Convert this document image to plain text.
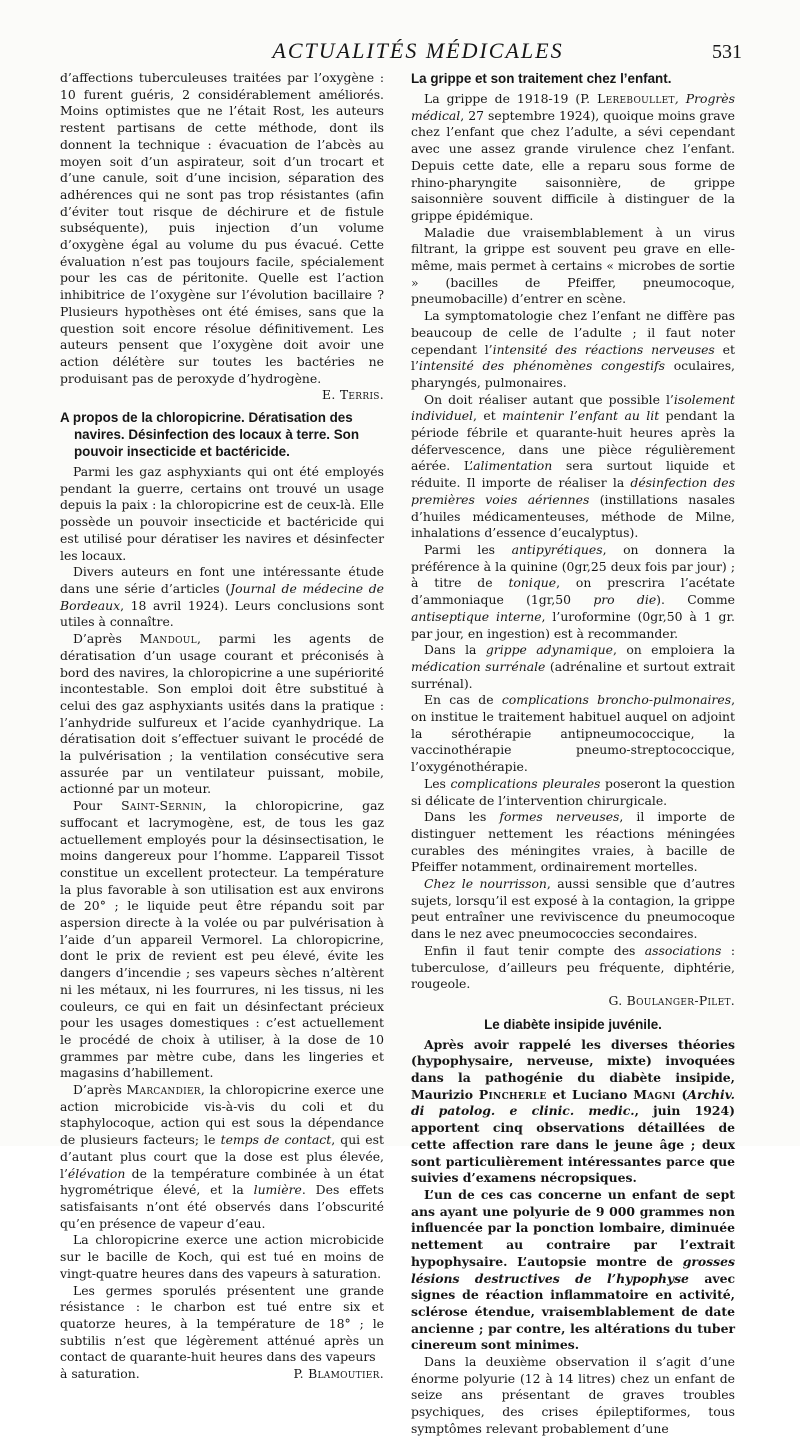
ACTUALITÉS MÉDICALES	531

d’affections tuberculeuses traitées par l’oxygène : 10 furent guéris, 2 considérablement améliorés. Moins optimistes que ne l’était Rost, les auteurs restent partisans de cette méthode, dont ils donnent la technique : évacuation de l’abcès au moyen soit d’un aspirateur, soit d’un trocart et d’une canule, soit d’une incision, séparation des adhérences qui ne sont pas trop résistantes (afin d’éviter tout risque de déchirure et de fistule subséquente), puis injection d’un volume d’oxygène égal au volume du pus évacué. Cette évaluation n’est pas toujours facile, spécialement pour les cas de péritonite. Quelle est l’action inhibitrice de l’oxygène sur l’évolution bacillaire ? Plusieurs hypothèses ont été émises, sans que la question soit encore résolue définitivement. Les auteurs pensent que l’oxygène doit avoir une action délétère sur toutes les bactéries ne produisant pas de peroxyde d’hydrogène.

E. Terris.

A propos de la chloropicrine. Dératisation des navires. Désinfection des locaux à terre. Son pouvoir insecticide et bactéricide.

Parmi les gaz asphyxiants qui ont été employés pendant la guerre, certains ont trouvé un usage depuis la paix : la chloropicrine est de ceux-là. Elle possède un pouvoir insecticide et bactéricide qui est utilisé pour dératiser les navires et désinfecter les locaux.

Divers auteurs en font une intéressante étude dans une série d’articles (Journal de médecine de Bordeaux, 18 avril 1924). Leurs conclusions sont utiles à connaître.

D’après Mandoul, parmi les agents de dératisation d’un usage courant et préconisés à bord des navires, la chloropicrine a une supériorité incontestable. Son emploi doit être substitué à celui des gaz asphyxiants usités dans la pratique : l’anhydride sulfureux et l’acide cyanhydrique. La dératisation doit s’effectuer suivant le procédé de la pulvérisation ; la ventilation consécutive sera assurée par un ventilateur puissant, mobile, actionné par un moteur.

Pour Saint-Sernin, la chloropicrine, gaz suffocant et lacrymogène, est, de tous les gaz actuellement employés pour la désinsectisation, le moins dangereux pour l’homme. L’appareil Tissot constitue un excellent protecteur. La température la plus favorable à son utilisation est aux environs de 20° ; le liquide peut être répandu soit par aspersion directe à la volée ou par pulvérisation à l’aide d’un appareil Vermorel. La chloropicrine, dont le prix de revient est peu élevé, évite les dangers d’incendie ; ses vapeurs sèches n’altèrent ni les métaux, ni les fourrures, ni les tissus, ni les couleurs, ce qui en fait un désinfectant précieux pour les usages domestiques : c’est actuellement le procédé de choix à utiliser, à la dose de 10 grammes par mètre cube, dans les lingeries et magasins d’habillement.

D’après Marcandier, la chloropicrine exerce une action microbicide vis-à-vis du coli et du staphylocoque, action qui est sous la dépendance de plusieurs facteurs; le temps de contact, qui est d’autant plus court que la dose est plus élevée, l’élévation de la température combinée à un état hygrométrique élevé, et la lumière. Des effets satisfaisants n’ont été observés dans l’obscurité qu’en présence de vapeur d’eau.

La chloropicrine exerce une action microbicide sur le bacille de Koch, qui est tué en moins de vingt-quatre heures dans des vapeurs à saturation.

Les germes sporulés présentent une grande résistance : le charbon est tué entre six et quatorze heures, à la température de 18° ; le subtilis n’est que légèrement atténué après un contact de quarante-huit heures dans des vapeurs

à saturation.	P. Blamoutier.
La grippe et son traitement chez l’enfant.

La grippe de 1918-19 (P. Lereboullet, Progrès médical, 27 septembre 1924), quoique moins grave chez l’enfant que chez l’adulte, a sévi cependant avec une assez grande virulence chez l’enfant. Depuis cette date, elle a reparu sous forme de rhino-pharyngite saisonnière, de grippe saisonnière souvent difficile à distinguer de la grippe épidémique.

Maladie due vraisemblablement à un virus filtrant, la grippe est souvent peu grave en elle-même, mais permet à certains « microbes de sortie » (bacilles de Pfeiffer, pneumocoque, pneumobacille) d’entrer en scène.

La symptomatologie chez l’enfant ne diffère pas beaucoup de celle de l’adulte ; il faut noter cependant l’intensité des réactions nerveuses et l’intensité des phénomènes congestifs oculaires, pharyngés, pulmonaires.

On doit réaliser autant que possible l’isolement individuel, et maintenir l’enfant au lit pendant la période fébrile et quarante-huit heures après la défervescence, dans une pièce régulièrement aérée. L’alimentation sera surtout liquide et réduite. Il importe de réaliser la désinfection des premières voies aériennes (instillations nasales d’huiles médicamenteuses, méthode de Milne, inhalations d’essence d’eucalyptus).

Parmi les antipyrétiques, on donnera la préférence à la quinine (0gr,25 deux fois par jour) ; à titre de tonique, on prescrira l’acétate d’ammoniaque (1gr,50 pro die). Comme antiseptique interne, l’uroformine (0gr,50 à 1 gr. par jour, en ingestion) est à recommander.

Dans la grippe adynamique, on emploiera la médication surrénale (adrénaline et surtout extrait surrénal).

En cas de complications broncho-pulmonaires, on institue le traitement habituel auquel on adjoint la sérothérapie antipneumococcique, la vaccinothérapie pneumo-streptococcique, l’oxygénothérapie.

Les complications pleurales poseront la question si délicate de l’intervention chirurgicale.

Dans les formes nerveuses, il importe de distinguer nettement les réactions méningées curables des méningites vraies, à bacille de Pfeiffer notamment, ordinairement mortelles.

Chez le nourrisson, aussi sensible que d’autres sujets, lorsqu’il est exposé à la contagion, la grippe peut entraîner une reviviscence du pneumocoque dans le nez avec pneumococcies secondaires.

Enfin il faut tenir compte des associations : tuberculose, d’ailleurs peu fréquente, diphtérie, rougeole.

G. Boulanger-Pilet.

Le diabète insipide juvénile.

Après avoir rappelé les diverses théories (hypophysaire, nerveuse, mixte) invoquées dans la pathogénie du diabète insipide, Maurizio Pincherle et Luciano Magni (Archiv. di patolog. e clinic. medic., juin 1924) apportent cinq observations détaillées de cette affection rare dans le jeune âge ; deux sont particulièrement intéressantes parce que suivies d’examens nécropsiques.

L’un de ces cas concerne un enfant de sept ans ayant une polyurie de 9 000 grammes non influencée par la ponction lombaire, diminuée nettement au contraire par l’extrait hypophysaire. L’autopsie montre de grosses lésions destructives de l’hypophyse avec signes de réaction inflammatoire en activité, sclérose étendue, vraisemblablement de date ancienne ; par contre, les altérations du tuber cinereum sont minimes.

Dans la deuxième observation il s’agit d’une énorme polyurie (12 à 14 litres) chez un enfant de seize ans présentant de graves troubles psychiques, des crises épileptiformes, tous symptômes relevant probablement d’une
